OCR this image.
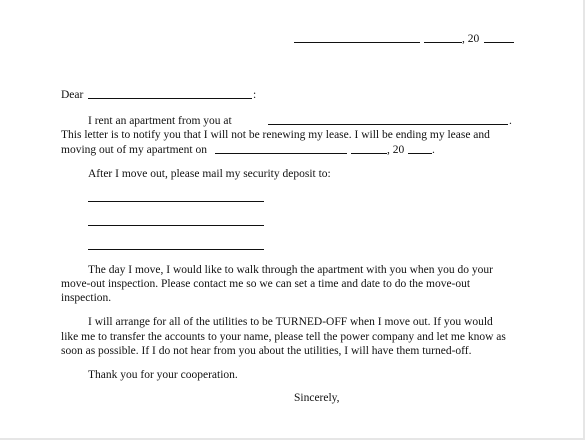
, 20
Dear	:
I rent an apartment from you at	.
This letter is to notify you that I will not be renewing my lease. I will be ending my lease and
moving out of my apartment on	, 20 .
After I move out, please mail my security deposit to:
The day I move, I would like to walk through the apartment with you when you do your
move-out inspection. Please contact me so we can set a time and date to do the move-out
inspection.
I will arrange for all of the utilities to be TURNED-OFF when I move out. If you would
like me to transfer the accounts to your name, please tell the power company and let me know as
soon as possible. If I do not hear from you about the utilities, I will have them turned-off.
Thank you for your cooperation.
Sincerely,
